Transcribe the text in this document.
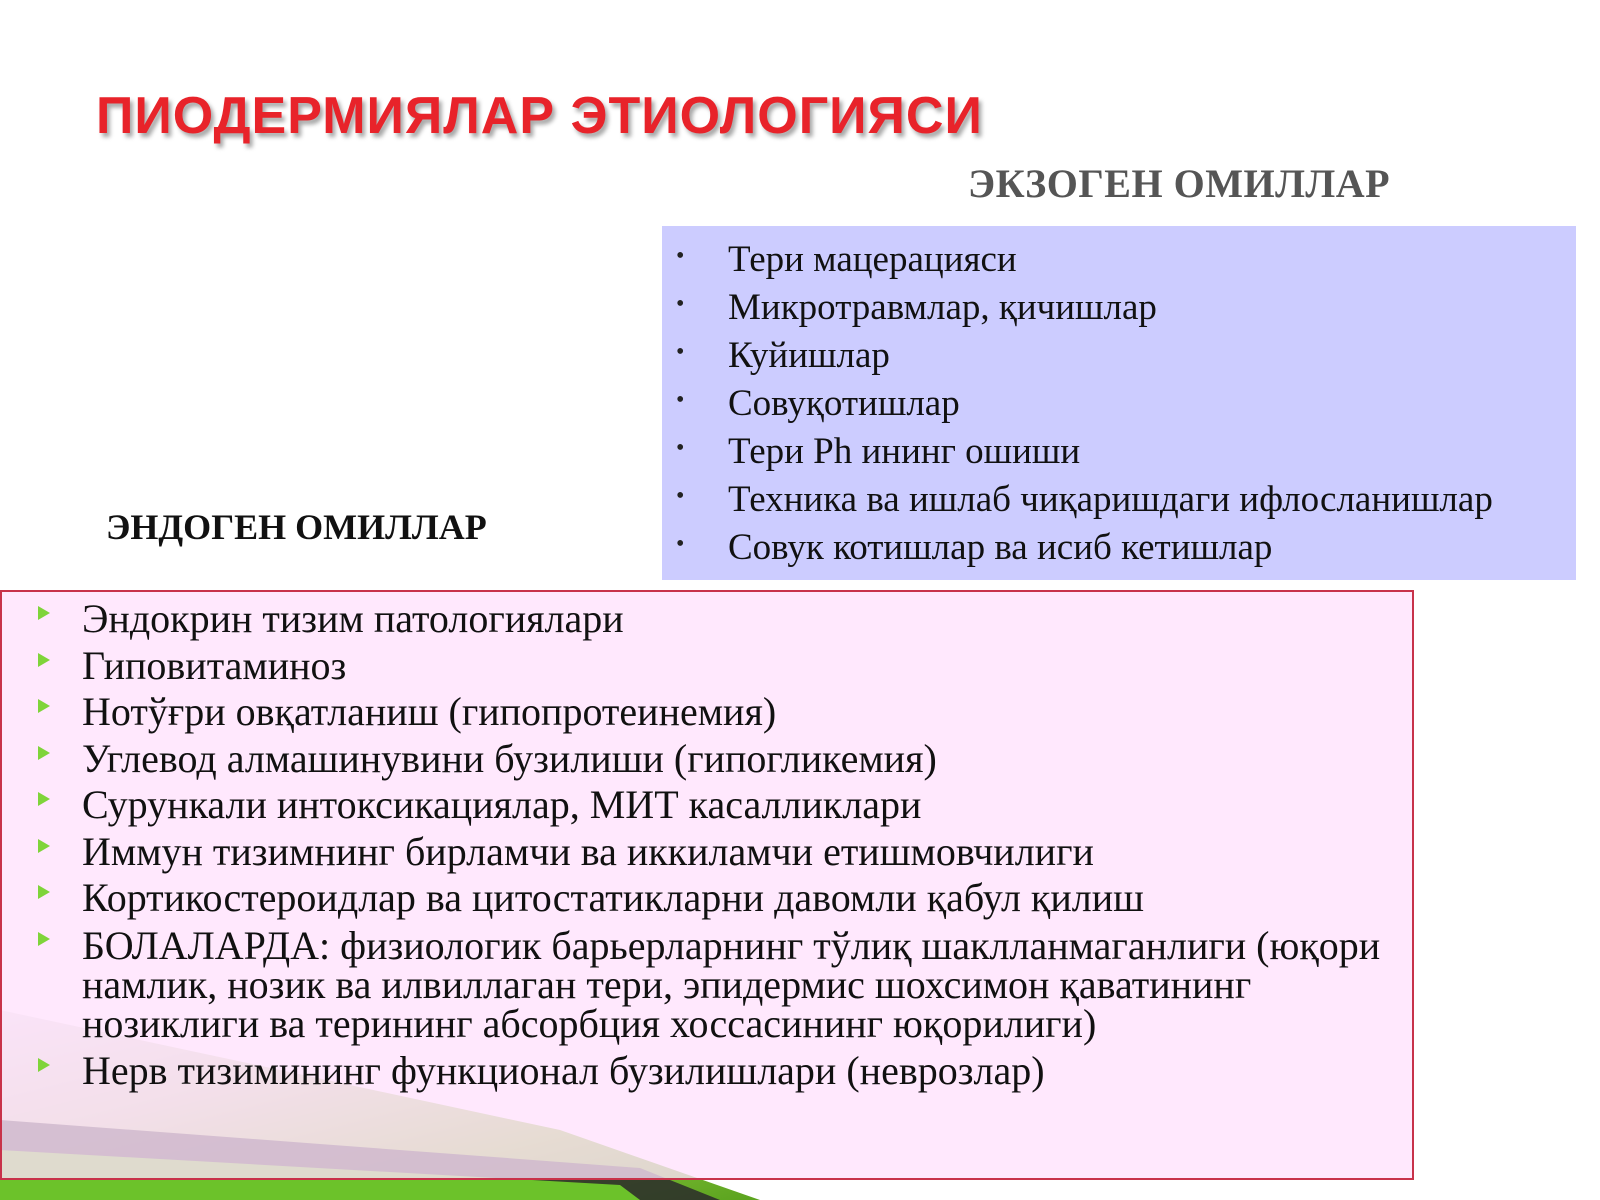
ПИОДЕРМИЯЛАР ЭТИОЛОГИЯСИ
ЭКЗОГЕН ОМИЛЛАР
• Тери мацерацияси
• Микротравмлар, қичишлар
• Куйишлар
• Совуқотишлар
• Тери Ph ининг ошиши
• Техника ва ишлаб чиқаришдаги ифлосланишлар
• Совук котишлар ва исиб кетишлар
ЭНДОГЕН ОМИЛЛАР
Эндокрин тизим патологиялари
Гиповитаминоз
Нотўғри овқатланиш (гипопротеинемия)
Углевод алмашинувини бузилиши (гипогликемия)
Сурункали интоксикациялар, МИТ касалликлари
Иммун тизимнинг бирламчи ва иккиламчи етишмовчилиги
Кортикостероидлар ва цитостатикларни давомли қабул қилиш
БОЛАЛАРДА: физиологик барьерларнинг тўлиқ шаклланмаганлиги (юқори намлик, нозик ва илвиллаган тери, эпидермис шохсимон қаватининг нозиклиги ва терининг абсорбция хоссасининг юқорилиги)
Нерв тизимининг функционал бузилишлари (неврозлар)
